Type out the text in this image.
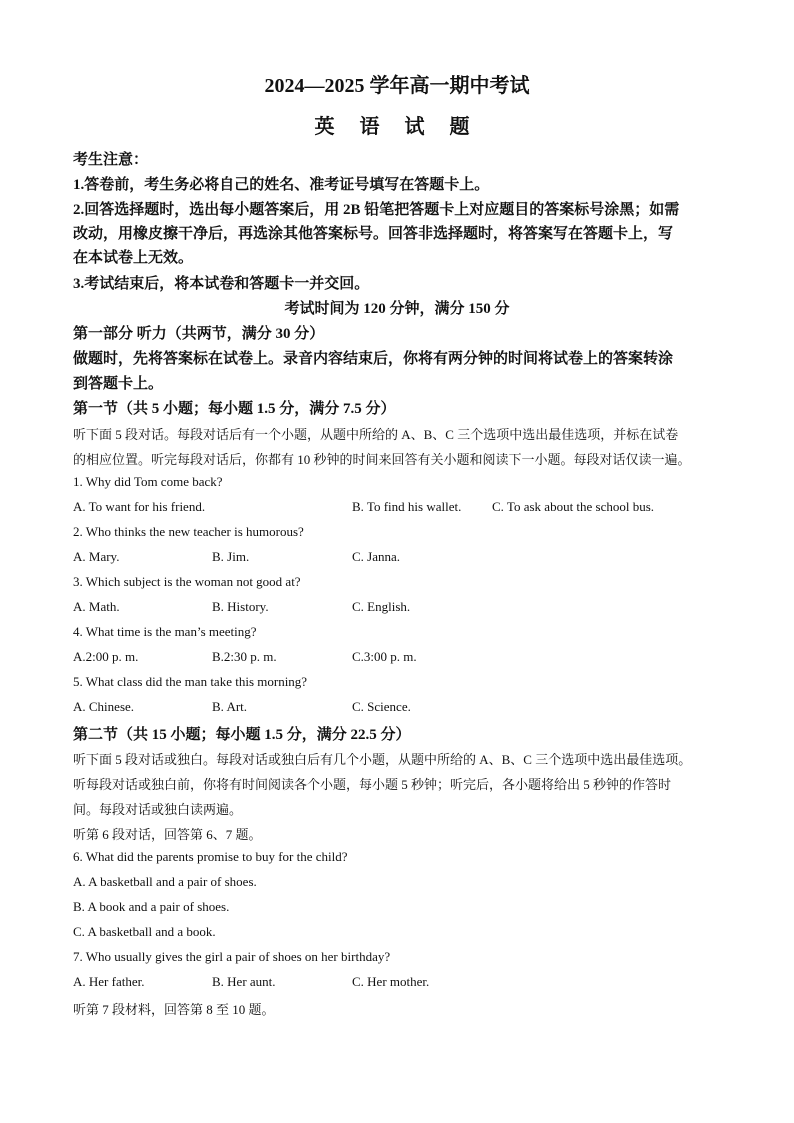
2024—2025 学年高一期中考试
英 语 试 题
考生注意：
1.答卷前，考生务必将自己的姓名、准考证号填写在答题卡上。
2.回答选择题时，选出每小题答案后，用 2B 铅笔把答题卡上对应题目的答案标号涂黑；如需
改动，用橡皮擦干净后，再选涂其他答案标号。回答非选择题时，将答案写在答题卡上，写
在本试卷上无效。
3.考试结束后，将本试卷和答题卡一并交回。
考试时间为 120 分钟，满分 150 分
第一部分 听力（共两节，满分 30 分）
做题时，先将答案标在试卷上。录音内容结束后，你将有两分钟的时间将试卷上的答案转涂
到答题卡上。
第一节（共 5 小题；每小题 1.5 分，满分 7.5 分）
听下面 5 段对话。每段对话后有一个小题，从题中所给的 A、B、C 三个选项中选出最佳选项，并标在试卷
的相应位置。听完每段对话后，你都有 10 秒钟的时间来回答有关小题和阅读下一小题。每段对话仅读一遍。
1. Why did Tom come back?
A. To want for his friend.	B. To find his wallet. C. To ask about the school bus.
2. Who thinks the new teacher is humorous?
A. Mary.	B. Jim.	C. Janna.
3. Which subject is the woman not good at?
A. Math.	B. History.	C. English.
4. What time is the man’s meeting?
A.2:00 p. m.	B.2:30 p. m.	C.3:00 p. m.
5. What class did the man take this morning?
A. Chinese.	B. Art.	C. Science.
第二节（共 15 小题；每小题 1.5 分，满分 22.5 分）
听下面 5 段对话或独白。每段对话或独白后有几个小题，从题中所给的 A、B、C 三个选项中选出最佳选项。
听每段对话或独白前，你将有时间阅读各个小题，每小题 5 秒钟；听完后，各小题将给出 5 秒钟的作答时
间。每段对话或独白读两遍。
听第 6 段对话，回答第 6、7 题。
6. What did the parents promise to buy for the child?
A. A basketball and a pair of shoes.
B. A book and a pair of shoes.
C. A basketball and a book.
7. Who usually gives the girl a pair of shoes on her birthday?
A. Her father.	B. Her aunt.	C. Her mother.
听第 7 段材料，回答第 8 至 10 题。
